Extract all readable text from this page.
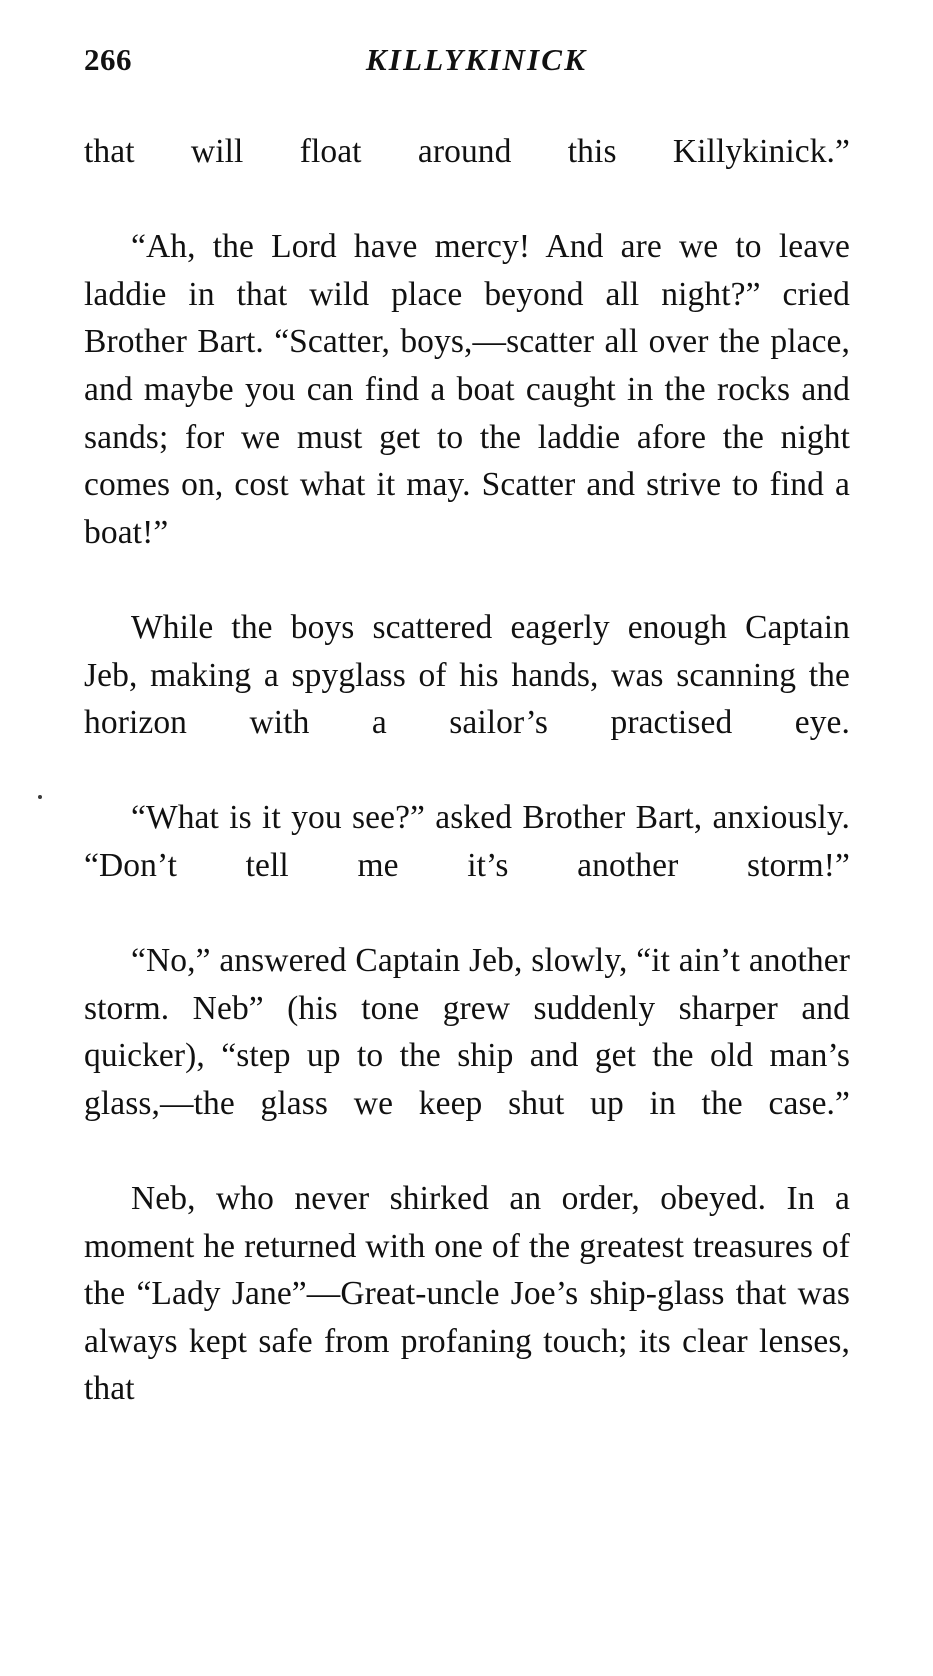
266	KILLYKINICK

that will float around this Killykinick.”

“Ah, the Lord have mercy! And are we to leave laddie in that wild place beyond all night?” cried Brother Bart. “Scatter, boys,—scatter all over the place, and maybe you can find a boat caught in the rocks and sands; for we must get to the laddie afore the night comes on, cost what it may. Scatter and strive to find a boat!”

While the boys scattered eagerly enough Captain Jeb, making a spyglass of his hands, was scanning the horizon with a sailor’s practised eye.

“What is it you see?” asked Brother Bart, anxiously. “Don’t tell me it’s another storm!”

“No,” answered Captain Jeb, slowly, “it ain’t another storm. Neb” (his tone grew suddenly sharper and quicker), “step up to the ship and get the old man’s glass,—the glass we keep shut up in the case.”

Neb, who never shirked an order, obeyed. In a moment he returned with one of the greatest treasures of the “Lady Jane”—Great-uncle Joe’s ship-glass that was always kept safe from profaning touch; its clear lenses, that
